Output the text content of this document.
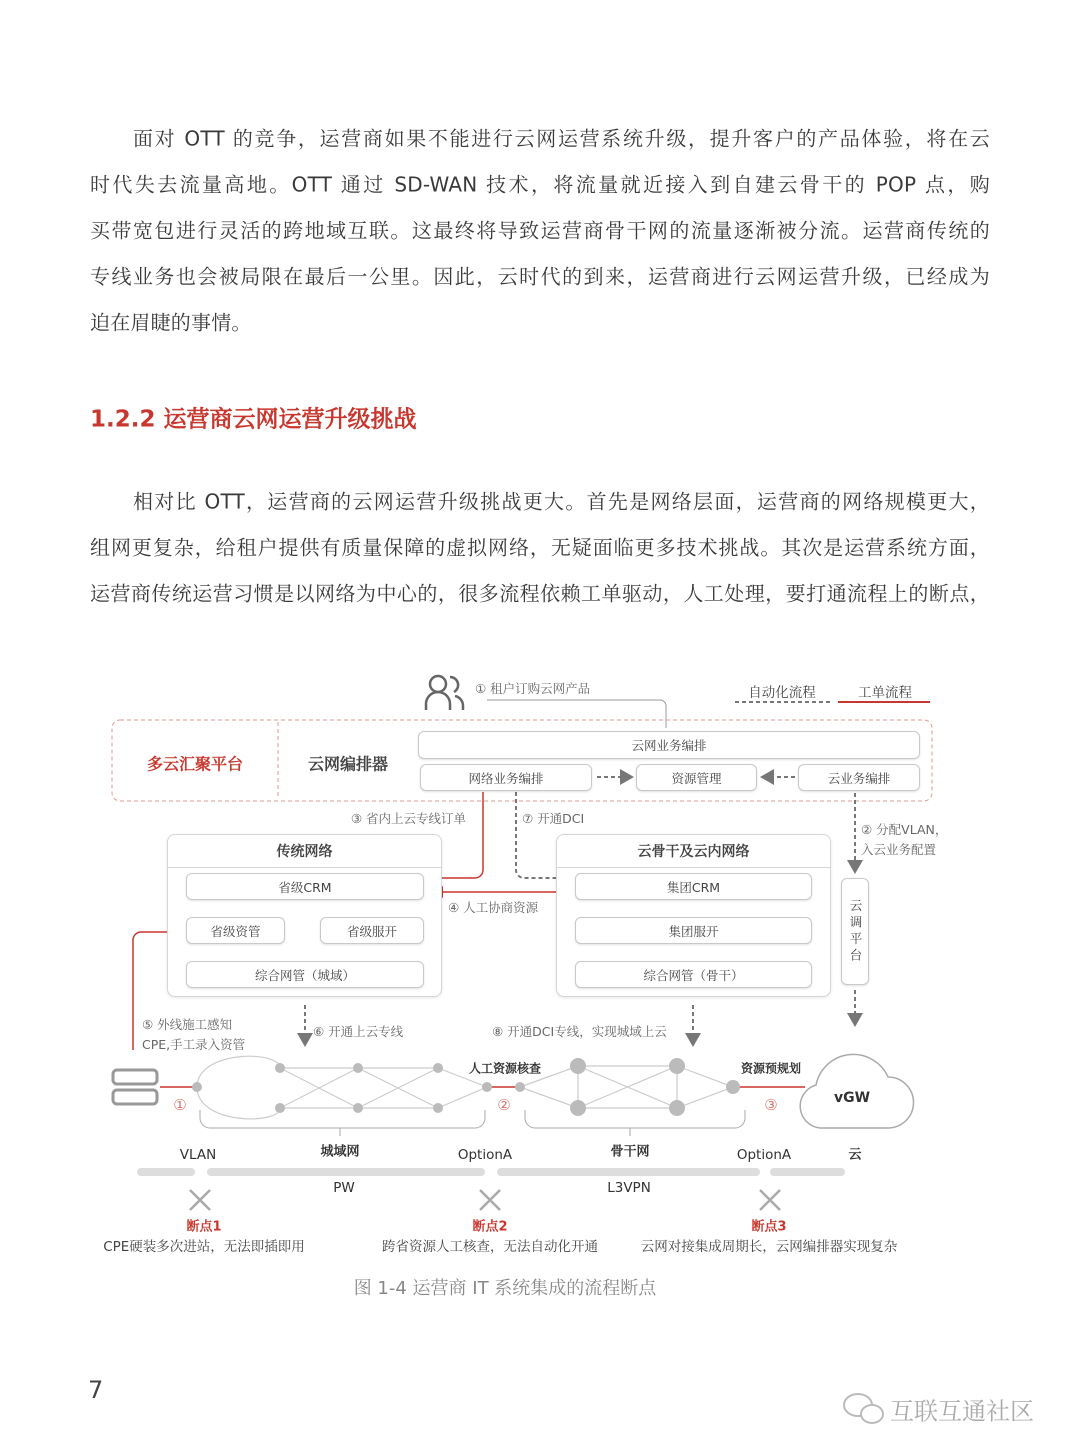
面对 OTT 的竞争，运营商如果不能进行云网运营系统升级，提升客户的产品体验，将在云
时代失去流量高地。OTT 通过 SD-WAN 技术，将流量就近接入到自建云骨干的 POP 点，购
买带宽包进行灵活的跨地域互联。这最终将导致运营商骨干网的流量逐渐被分流。运营商传统的
专线业务也会被局限在最后一公里。因此，云时代的到来，运营商进行云网运营升级，已经成为
迫在眉睫的事情。
1.2.2 运营商云网运营升级挑战
相对比 OTT，运营商的云网运营升级挑战更大。首先是网络层面，运营商的网络规模更大，
组网更复杂，给租户提供有质量保障的虚拟网络，无疑面临更多技术挑战。其次是运营系统方面，
运营商传统运营习惯是以网络为中心的，很多流程依赖工单驱动，人工处理，要打通流程上的断点，
① 租户订购云网产品	自动化流程	工单流程
多云汇聚平台	云网编排器
云网业务编排
网络业务编排	资源管理	云业务编排
③ 省内上云专线订单	⑦ 开通DCI
② 分配VLAN，
入云业务配置
传统网络
省级CRM
省级资管	省级服开
综合网管（城域）
云骨干及云内网络
集团CRM
集团服开
综合网管（骨干）
云调平台
④ 人工协商资源
⑤ 外线施工感知
CPE,手工录入资管
⑥ 开通上云专线	⑧ 开通DCI专线，实现城域上云
人工资源核查	资源预规划
①	②	③	vGW
VLAN	城域网	OptionA	骨干网	OptionA	云
PW	L3VPN
断点1
CPE硬装多次进站，无法即插即用
断点2
跨省资源人工核查，无法自动化开通
断点3
云网对接集成周期长，云网编排器实现复杂
图 1-4 运营商 IT 系统集成的流程断点
7
互联互通社区
